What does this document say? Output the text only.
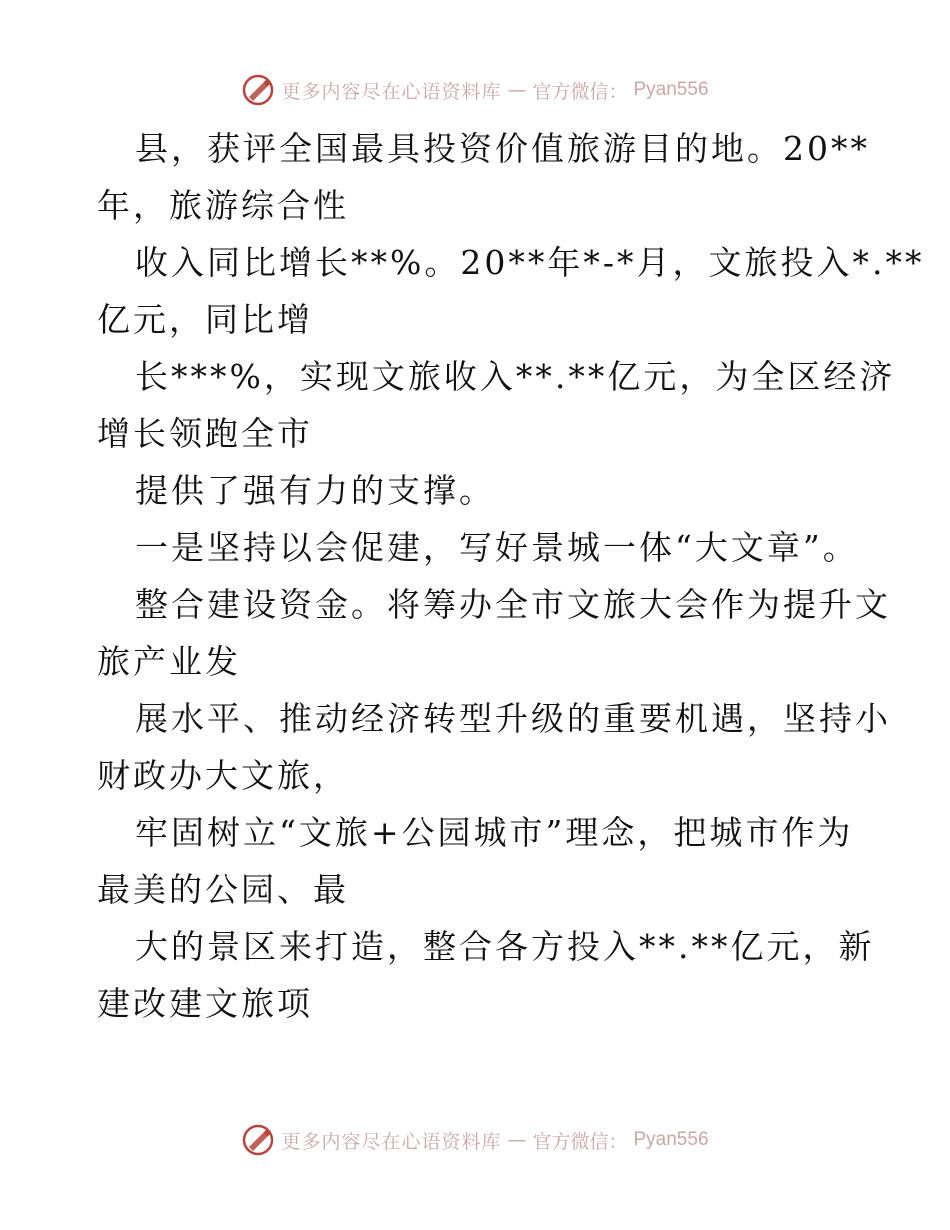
更多内容尽在心语资料库 — 官方微信： Pyan556
县，获评全国最具投资价值旅游目的地。20**
年，旅游综合性
收入同比增长**%。20**年*-*月，文旅投入*.**
亿元，同比增
长***%，实现文旅收入**.**亿元，为全区经济
增长领跑全市
提供了强有力的支撑。
一是坚持以会促建，写好景城一体“大文章”。
整合建设资金。将筹办全市文旅大会作为提升文
旅产业发
展水平、推动经济转型升级的重要机遇，坚持小
财政办大文旅，
牢固树立“文旅+公园城市”理念，把城市作为
最美的公园、最
大的景区来打造，整合各方投入**.**亿元，新
建改建文旅项
更多内容尽在心语资料库 — 官方微信： Pyan556
